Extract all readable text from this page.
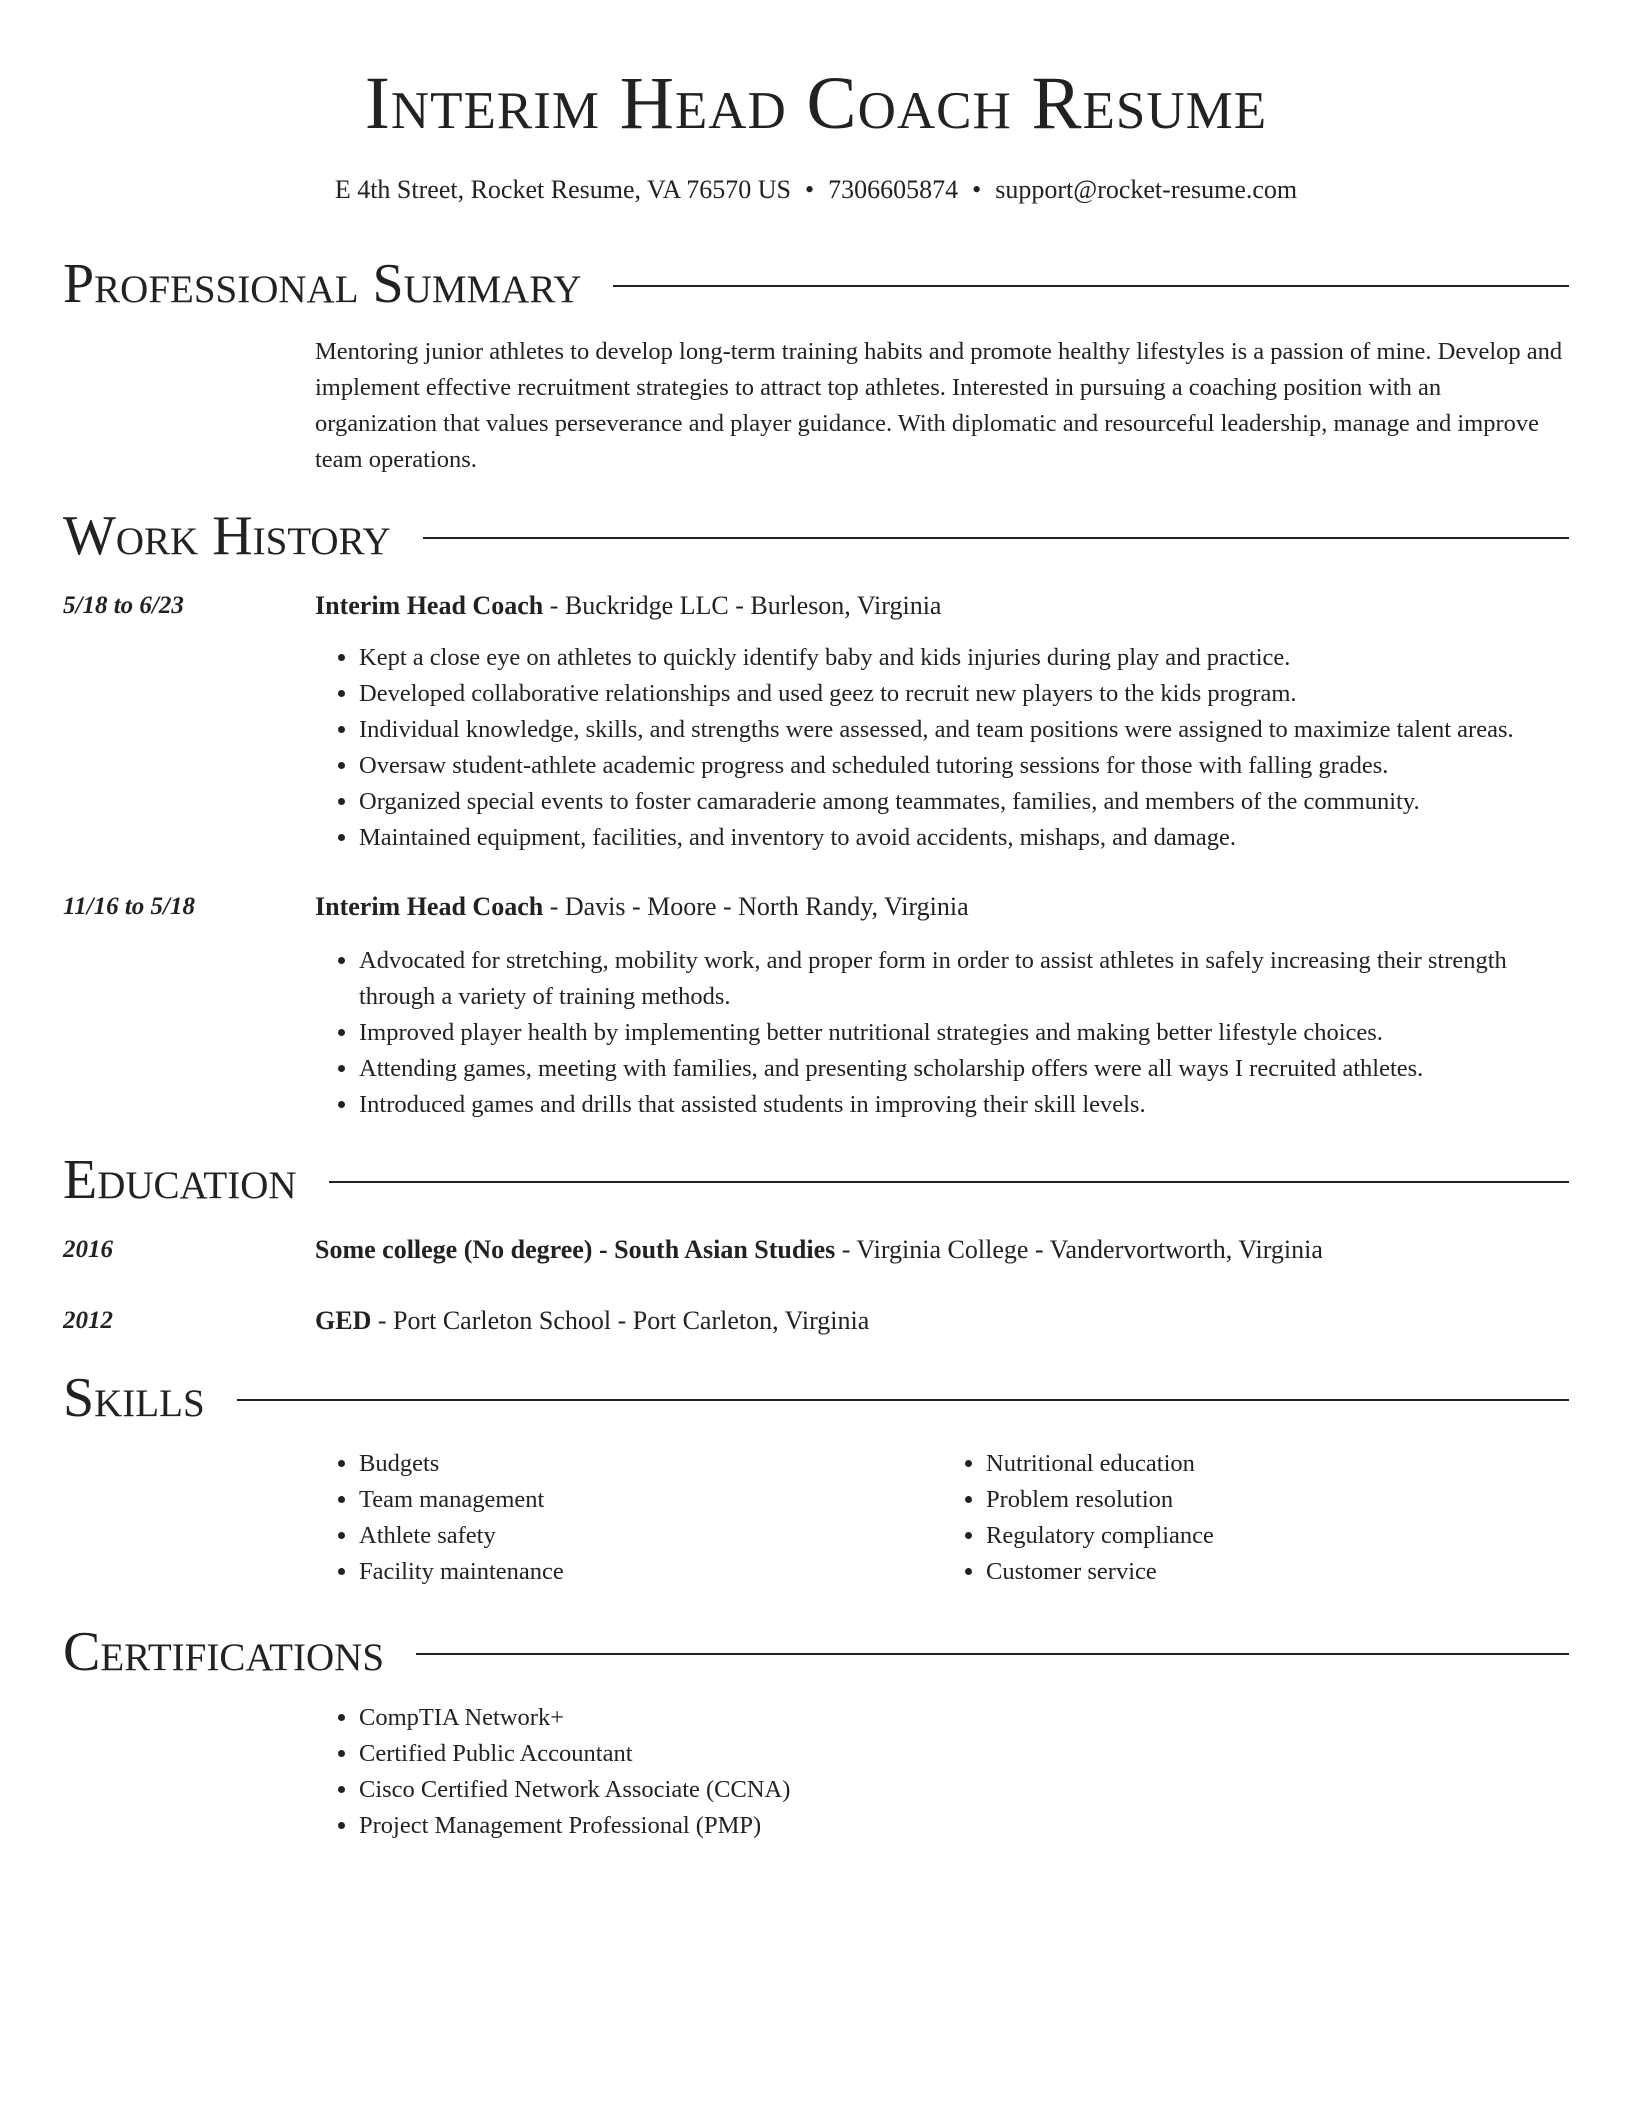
Interim Head Coach Resume
E 4th Street, Rocket Resume, VA 76570 US • 7306605874 • support@rocket-resume.com
Professional Summary
Mentoring junior athletes to develop long-term training habits and promote healthy lifestyles is a passion of mine. Develop and implement effective recruitment strategies to attract top athletes. Interested in pursuing a coaching position with an organization that values perseverance and player guidance. With diplomatic and resourceful leadership, manage and improve team operations.
Work History
5/18 to 6/23	Interim Head Coach - Buckridge LLC - Burleson, Virginia
• Kept a close eye on athletes to quickly identify baby and kids injuries during play and practice.
• Developed collaborative relationships and used geez to recruit new players to the kids program.
• Individual knowledge, skills, and strengths were assessed, and team positions were assigned to maximize talent areas.
• Oversaw student-athlete academic progress and scheduled tutoring sessions for those with falling grades.
• Organized special events to foster camaraderie among teammates, families, and members of the community.
• Maintained equipment, facilities, and inventory to avoid accidents, mishaps, and damage.
11/16 to 5/18	Interim Head Coach - Davis - Moore - North Randy, Virginia
• Advocated for stretching, mobility work, and proper form in order to assist athletes in safely increasing their strength through a variety of training methods.
• Improved player health by implementing better nutritional strategies and making better lifestyle choices.
• Attending games, meeting with families, and presenting scholarship offers were all ways I recruited athletes.
• Introduced games and drills that assisted students in improving their skill levels.
Education
2016	Some college (No degree) - South Asian Studies - Virginia College - Vandervortworth, Virginia
2012	GED - Port Carleton School - Port Carleton, Virginia
Skills
• Budgets
• Team management
• Athlete safety
• Facility maintenance
• Nutritional education
• Problem resolution
• Regulatory compliance
• Customer service
Certifications
• CompTIA Network+
• Certified Public Accountant
• Cisco Certified Network Associate (CCNA)
• Project Management Professional (PMP)
